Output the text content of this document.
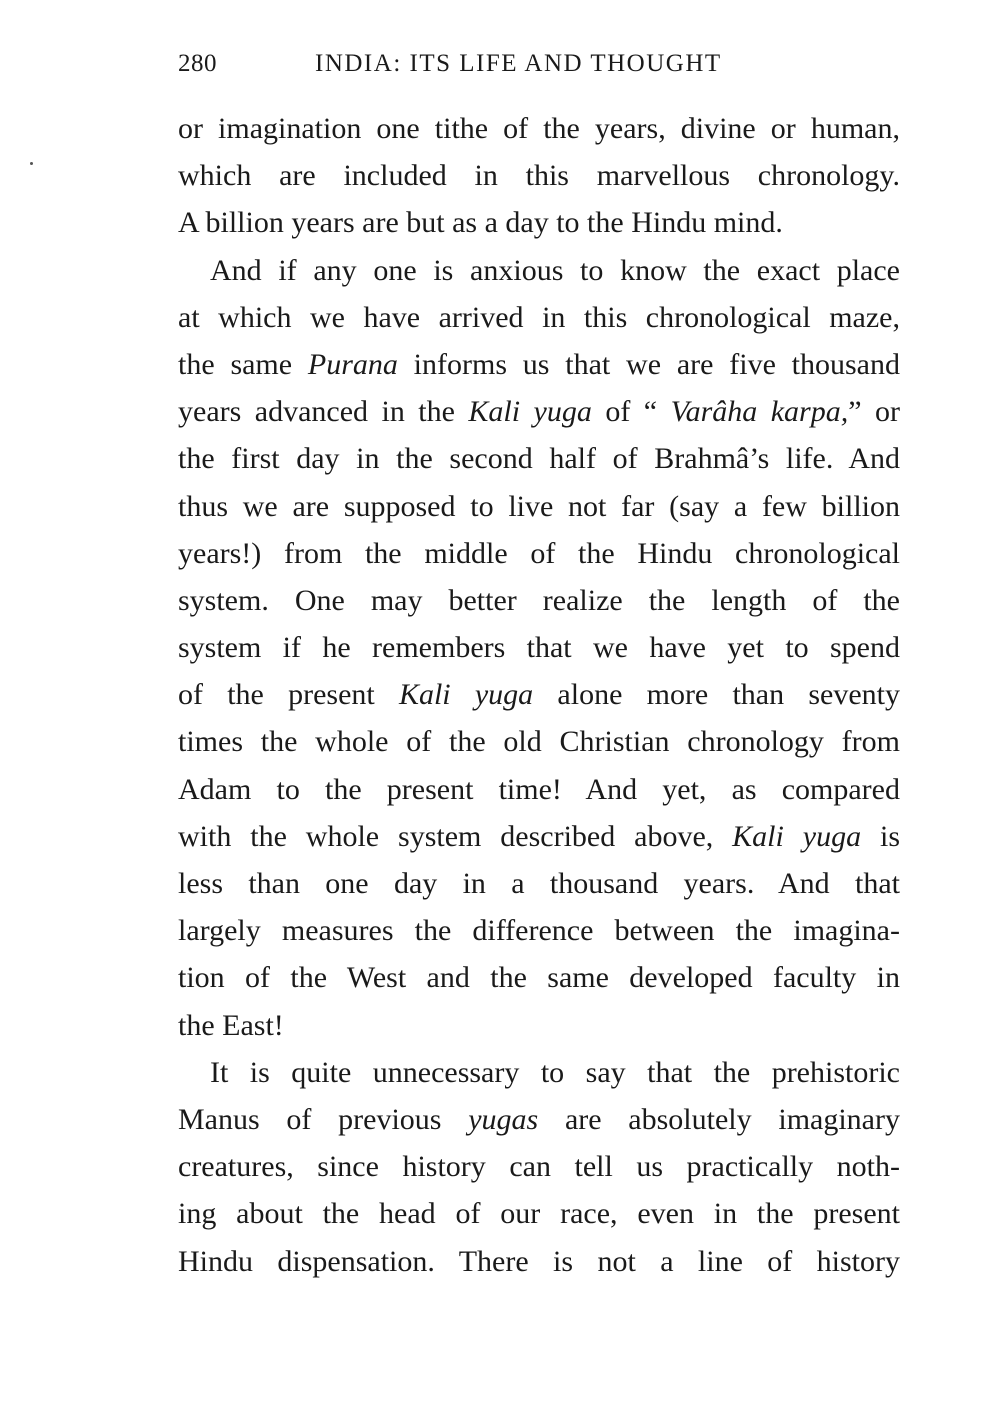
280	INDIA: ITS LIFE AND THOUGHT
or imagination one tithe of the years, divine or human,
which are included in this marvellous chronology.
A billion years are but as a day to the Hindu mind.
And if any one is anxious to know the exact place
at which we have arrived in this chronological maze,
the same Purana informs us that we are five thousand
years advanced in the Kali yuga of “ Varâha karpa,” or
the first day in the second half of Brahmâ’s life. And
thus we are supposed to live not far (say a few billion
years!) from the middle of the Hindu chronological
system. One may better realize the length of the
system if he remembers that we have yet to spend
of the present Kali yuga alone more than seventy
times the whole of the old Christian chronology from
Adam to the present time! And yet, as compared
with the whole system described above, Kali yuga is
less than one day in a thousand years. And that
largely measures the difference between the imagina-
tion of the West and the same developed faculty in
the East!
It is quite unnecessary to say that the prehistoric
Manus of previous yugas are absolutely imaginary
creatures, since history can tell us practically noth-
ing about the head of our race, even in the present
Hindu dispensation. There is not a line of history
